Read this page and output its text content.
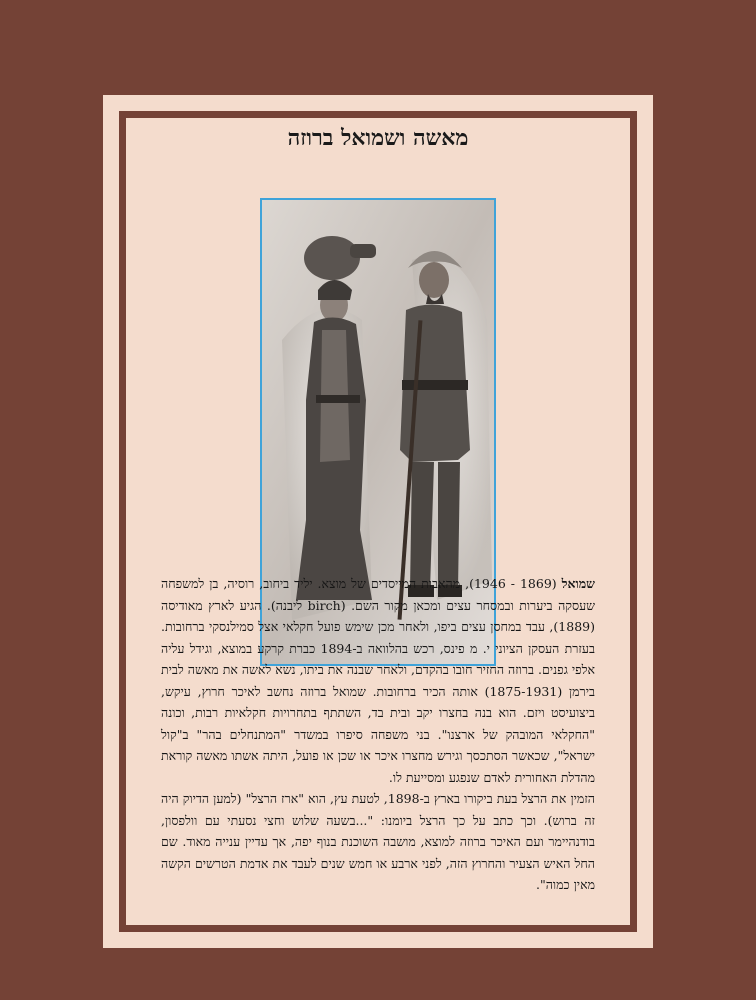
מאשה ושמואל ברוזה

שמואל (1869 - 1946), מהאבות המייסדים של מוצא. יליד ביחוב, רוסיה, בן למשפחה שעסקה ביערות ובמסחר עצים ומכאן מקור השם. (birch ליבנה). הגיע לארץ מאודיסה (1889), עבד במחסן עצים ביפו, ולאחר מכן שימש פועל חקלאי אצל סמילנסקי ברחובות. בעזרת העסקן הציוני י. מ פינס, רכש בהלוואה ב-1894 כברת קרקע במוצא, וגידל עליה אלפי גפנים. ברוזה החזיר חובו בהקדם, ולאחר שבנה את ביתו, נשא לאשה את מאשה לבית בירמן (1875-1931) אותה הכיר ברחובות. שמואל ברוזה נחשב לאיכר חרוץ, עיקש, ביצועיסט ויזם. הוא בנה בחצרו יקב ובית בד, השתתף בתחרויות חקלאיות רבות, וכונה "החקלאי המובהק של ארצנו". בני משפחה סיפרו במשדר "המתנחלים בהר" ב"קול ישראל", שכאשר הסתכסך וגירש מחצרו איכר או שכן או פועל, היתה אשתו מאשה קוראת מהדלת האחורית לאדם שנפגע ומסייעת לו.

הזמין את הרצל בעת ביקורו בארץ ב-1898, לטעת עץ, הוא "ארז הרצל" (למען הדיוק היה זה ברוש). וכך כתב על כך הרצל ביומנו: "...בשעה שלוש וחצי נסעתי עם וולפסון, בודנהיימר ועם האיכר ברוזה למוצא, מושבה השוכנת בנוף יפה, אך עדיין ענייה מאוד. שם החל האיש הצעיר והחרוץ הזה, לפני ארבע או חמש שנים לעבד את אדמת הטרשים הקשה מאין כמוה".
